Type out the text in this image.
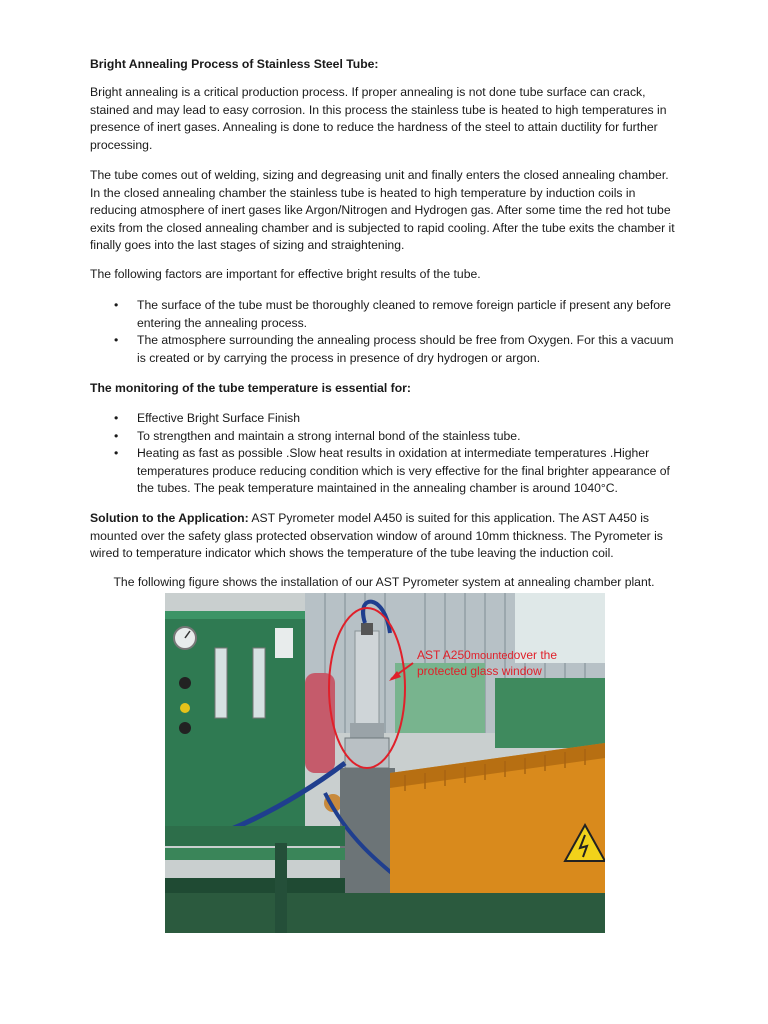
Bright Annealing Process of Stainless Steel Tube:

Bright annealing is a critical production process. If proper annealing is not done tube surface can crack, stained and may lead to easy corrosion. In this process the stainless tube is heated to high temperatures in presence of inert gases. Annealing is done to reduce the hardness of the steel to attain ductility for further processing.

The tube comes out of welding, sizing and degreasing unit and finally enters the closed annealing chamber. In the closed annealing chamber the stainless tube is heated to high temperature by induction coils in reducing atmosphere of inert gases like Argon/Nitrogen and Hydrogen gas. After some time the red hot tube exits from the closed annealing chamber and is subjected to rapid cooling. After the tube exits the chamber it finally goes into the last stages of sizing and straightening.

The following factors are important for effective bright results of the tube.

• The surface of the tube must be thoroughly cleaned to remove foreign particle if present any before entering the annealing process.
• The atmosphere surrounding the annealing process should be free from Oxygen. For this a vacuum is created or by carrying the process in presence of dry hydrogen or argon.
The monitoring of the tube temperature is essential for:
• Effective Bright Surface Finish
• To strengthen and maintain a strong internal bond of the stainless tube.
• Heating as fast as possible .Slow heat results in oxidation at intermediate temperatures .Higher temperatures produce reducing condition which is very effective for the final brighter appearance of the tubes. The peak temperature maintained in the annealing chamber is around 1040°C.

Solution to the Application: AST Pyrometer model A450 is suited for this application. The AST A450 is mounted over the safety glass protected observation window of around 10mm thickness. The Pyrometer is wired to temperature indicator which shows the temperature of the tube leaving the induction coil.

The following figure shows the installation of our AST Pyrometer system at annealing chamber plant.
AST A250mountedover the
protected glass window
